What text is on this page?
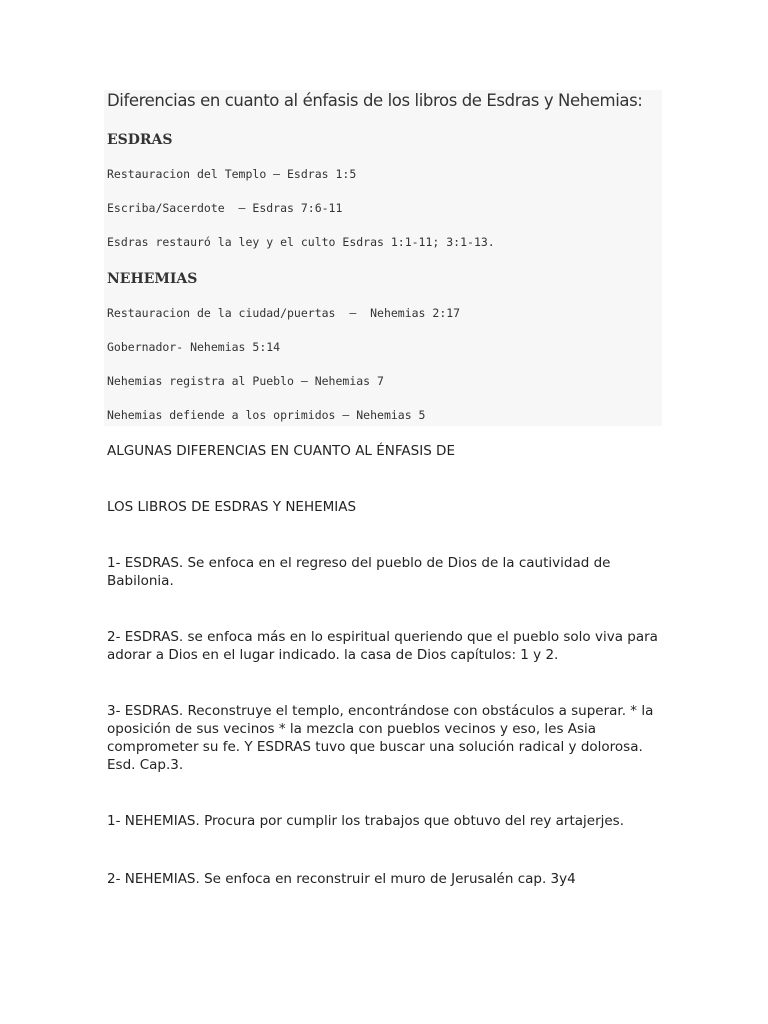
Diferencias en cuanto al énfasis de los libros de Esdras y Nehemias:
ESDRAS

Restauracion del Templo – Esdras 1:5

Escriba/Sacerdote  – Esdras 7:6-11

Esdras restauró la ley y el culto Esdras 1:1-11; 3:1-13.

NEHEMIAS

Restauracion de la ciudad/puertas  –  Nehemias 2:17

Gobernador- Nehemias 5:14

Nehemias registra al Pueblo – Nehemias 7

Nehemias defiende a los oprimidos – Nehemias 5

ALGUNAS DIFERENCIAS EN CUANTO AL ÉNFASIS DE

LOS LIBROS DE ESDRAS Y NEHEMIAS

1- ESDRAS. Se enfoca en el regreso del pueblo de Dios de la cautividad de Babilonia.

2- ESDRAS. se enfoca más en lo espiritual queriendo que el pueblo solo viva para adorar a Dios en el lugar indicado. la casa de Dios capítulos: 1 y 2.

3- ESDRAS. Reconstruye el templo, encontrándose con obstáculos a superar. * la oposición de sus vecinos * la mezcla con pueblos vecinos y eso, les Asia comprometer su fe. Y ESDRAS tuvo que buscar una solución radical y dolorosa. Esd. Cap.3.

1- NEHEMIAS. Procura por cumplir los trabajos que obtuvo del rey artajerjes.

2- NEHEMIAS. Se enfoca en reconstruir el muro de Jerusalén cap. 3y4
